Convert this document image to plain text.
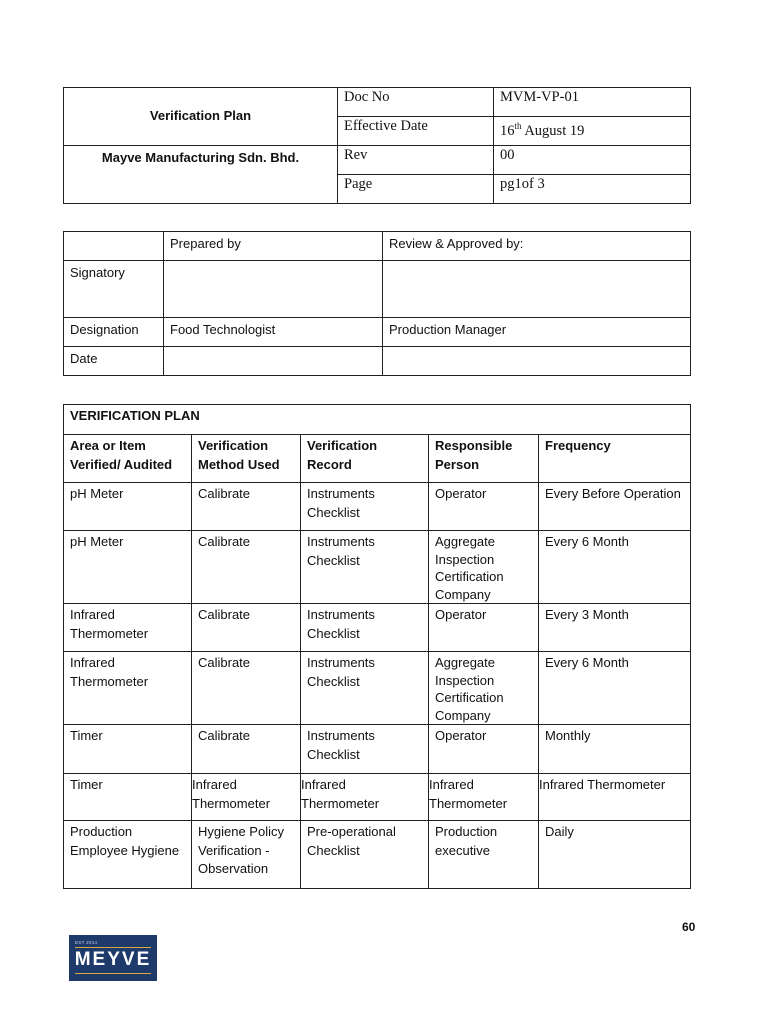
Verification Plan	Doc No	MVM-VP-01
	Effective Date	16th August 19
Mayve Manufacturing Sdn. Bhd.	Rev	00
	Page	pg1of 3
	Prepared by	Review & Approved by:
Signatory		
Designation	Food Technologist	Production Manager
Date		
VERIFICATION PLAN				
Area or Item Verified/ Audited	Verification Method Used	Verification Record	Responsible Person	Frequency
pH Meter	Calibrate	Instruments Checklist	Operator	Every Before Operation
pH Meter	Calibrate	Instruments Checklist	Aggregate Inspection Certification Company	Every 6 Month
Infrared Thermometer	Calibrate	Instruments Checklist	Operator	Every 3 Month
Infrared Thermometer	Calibrate	Instruments Checklist	Aggregate Inspection Certification Company	Every 6 Month
Timer	Calibrate	Instruments Checklist	Operator	Monthly
Timer	Infrared Thermometer	Infrared Thermometer	Infrared Thermometer	Infrared Thermometer
Production Employee Hygiene	Hygiene Policy Verification - Observation	Pre-operational Checklist	Production executive	Daily
60
EST 2014
MEYVE
